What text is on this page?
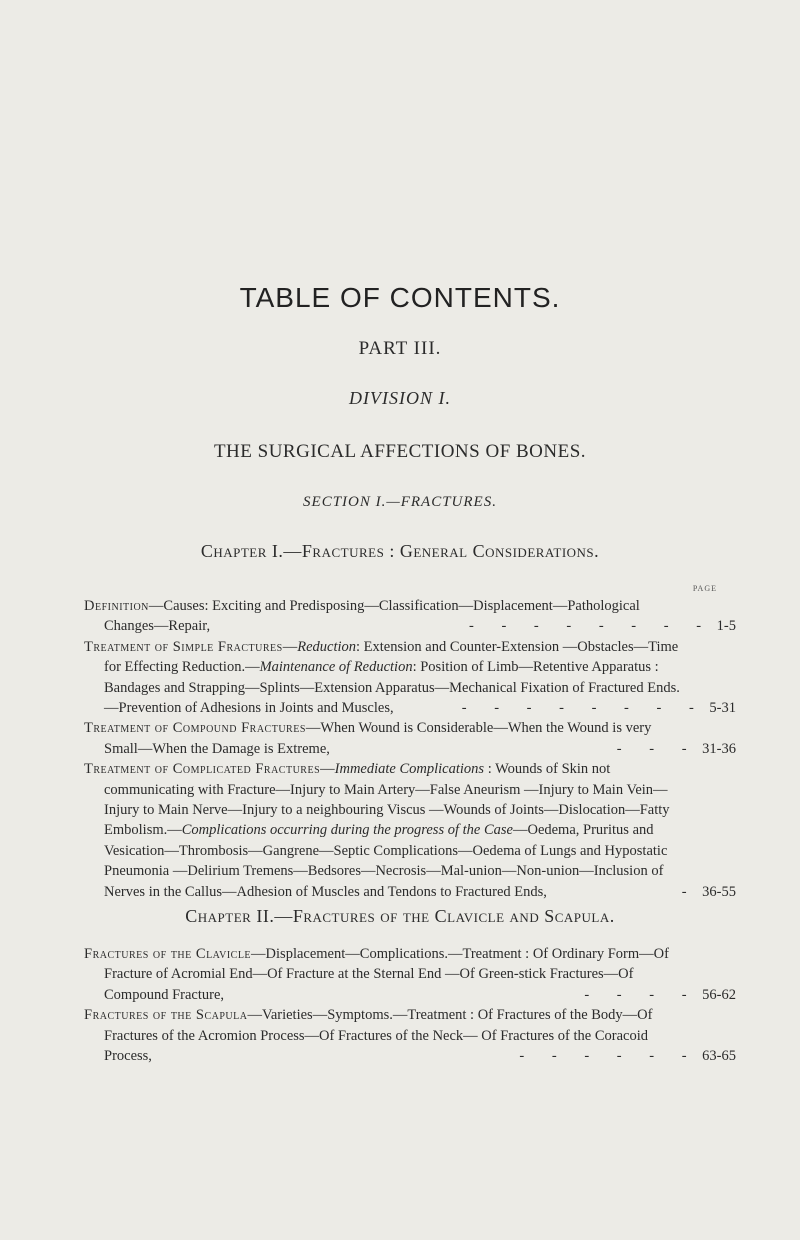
TABLE OF CONTENTS.
PART III.
DIVISION I.
THE SURGICAL AFFECTIONS OF BONES.
SECTION I.—FRACTURES.
Chapter I.—Fractures : General Considerations.
PAGE
Definition—Causes: Exciting and Predisposing—Classification—Displacement—Pathological Changes—Repair,	- - - - - - - - 1-5
Treatment of Simple Fractures—Reduction: Extension and Counter-Extension —Obstacles—Time for Effecting Reduction.—Maintenance of Reduction: Position of Limb—Retentive Apparatus : Bandages and Strapping—Splints—Extension Apparatus—Mechanical Fixation of Fractured Ends.—Prevention of Adhesions in Joints and Muscles,	- - - - - - - - 5-31
Treatment of Compound Fractures—When Wound is Considerable—When the Wound is very Small—When the Damage is Extreme,	- - - 31-36
Treatment of Complicated Fractures—Immediate Complications : Wounds of Skin not communicating with Fracture—Injury to Main Artery—False Aneurism —Injury to Main Vein—Injury to Main Nerve—Injury to a neighbouring Viscus —Wounds of Joints—Dislocation—Fatty Embolism.—Complications occurring during the progress of the Case—Oedema, Pruritus and Vesication—Thrombosis—Gangrene—Septic Complications—Oedema of Lungs and Hypostatic Pneumonia —Delirium Tremens—Bedsores—Necrosis—Mal-union—Non-union—Inclusion of Nerves in the Callus—Adhesion of Muscles and Tendons to Fractured Ends,	- 36-55
Chapter II.—Fractures of the Clavicle and Scapula.
Fractures of the Clavicle—Displacement—Complications.—Treatment : Of Ordinary Form—Of Fracture of Acromial End—Of Fracture at the Sternal End —Of Green-stick Fractures—Of Compound Fracture,	- - - - 56-62
Fractures of the Scapula—Varieties—Symptoms.—Treatment : Of Fractures of the Body—Of Fractures of the Acromion Process—Of Fractures of the Neck— Of Fractures of the Coracoid Process,	- - - - - - 63-65
